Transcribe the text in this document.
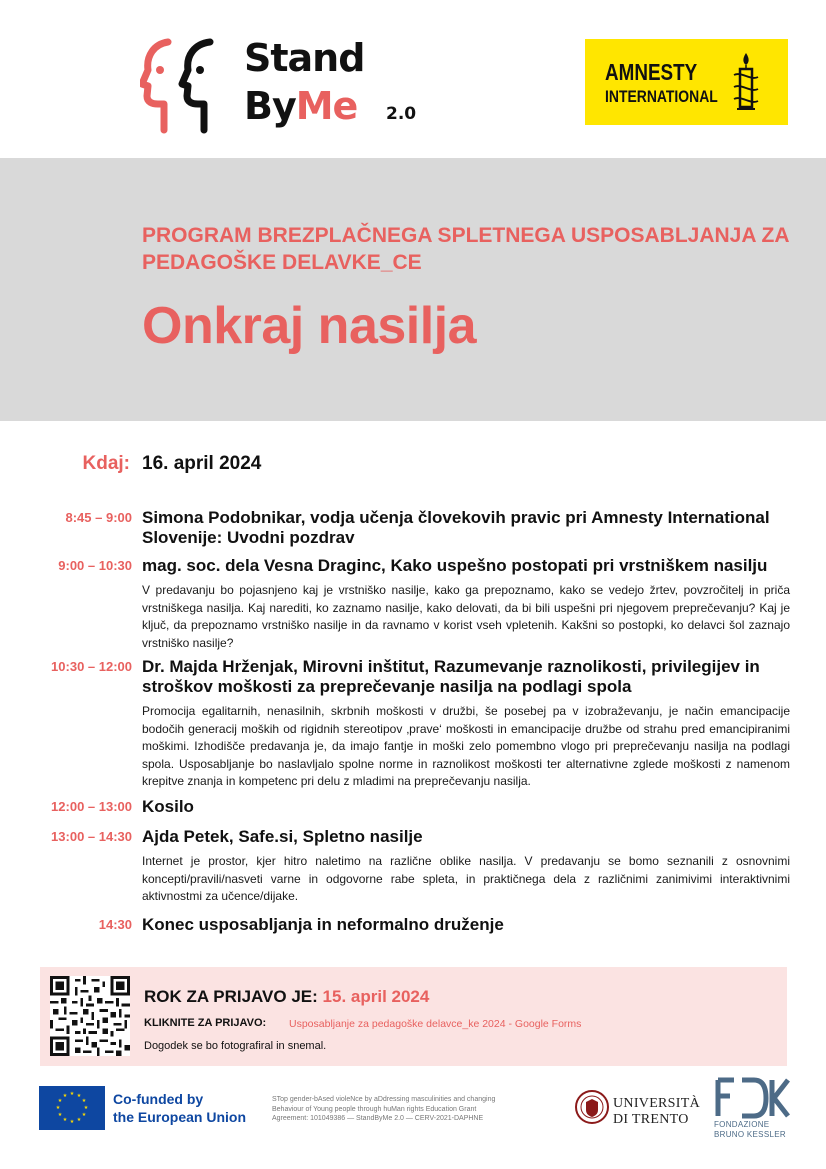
Stand
ByMe 2.0
AMNESTY
INTERNATIONAL
PROGRAM BREZPLAČNEGA SPLETNEGA USPOSABLJANJA ZA PEDAGOŠKE DELAVKE_CE
Onkraj nasilja
Kdaj: 16. april 2024
8:45 – 9:00 Simona Podobnikar, vodja učenja človekovih pravic pri Amnesty International Slovenije: Uvodni pozdrav
9:00 – 10:30 mag. soc. dela Vesna Draginc, Kako uspešno postopati pri vrstniškem nasilju
V predavanju bo pojasnjeno kaj je vrstniško nasilje, kako ga prepoznamo, kako se vedejo žrtev, povzročitelj in priča vrstniškega nasilja. Kaj narediti, ko zaznamo nasilje, kako delovati, da bi bili uspešni pri njegovem preprečevanju? Kaj je ključ, da prepoznamo vrstniško nasilje in da ravnamo v korist vseh vpletenih. Kakšni so postopki, ko delavci šol zaznajo vrstniško nasilje?
10:30 – 12:00 Dr. Majda Hrženjak, Mirovni inštitut, Razumevanje raznolikosti, privilegijev in stroškov moškosti za preprečevanje nasilja na podlagi spola
Promocija egalitarnih, nenasilnih, skrbnih moškosti v družbi, še posebej pa v izobraževanju, je način emancipacije bodočih generacij moških od rigidnih stereotipov ‚prave‘ moškosti in emancipacije družbe od strahu pred emancipiranimi moškimi. Izhodišče predavanja je, da imajo fantje in moški zelo pomembno vlogo pri preprečevanju nasilja na podlagi spola. Usposabljanje bo naslavljalo spolne norme in raznolikost moškosti ter alternativne zglede moškosti z namenom krepitve znanja in kompetenc pri delu z mladimi na preprečevanju nasilja.
12:00 – 13:00 Kosilo
13:00 – 14:30 Ajda Petek, Safe.si, Spletno nasilje
Internet je prostor, kjer hitro naletimo na različne oblike nasilja. V predavanju se bomo seznanili z osnovnimi koncepti/pravili/nasveti varne in odgovorne rabe spleta, in praktičnega dela z različnimi zanimivimi interaktivnimi aktivnostmi za učence/dijake.
14:30 Konec usposabljanja in neformalno druženje
ROK ZA PRIJAVO JE: 15. april 2024
KLIKNITE ZA PRIJAVO: Usposabljanje za pedagoške delavce_ke 2024 - Google Forms
Dogodek se bo fotografiral in snemal.
★ ★
★
★
★
★
★
★
★
★
★
★	Co-funded by
the European Union
STop gender-bAsed violeNce by aDdressing masculinities and changing
Behaviour of Young people through huMan rights Education Grant
Agreement: 101049386 — StandByMe 2.0 — CERV-2021-DAPHNE
UNIVERSITÀ
DI TRENTO	FONDAZIONE
BRUNO KESSLER
